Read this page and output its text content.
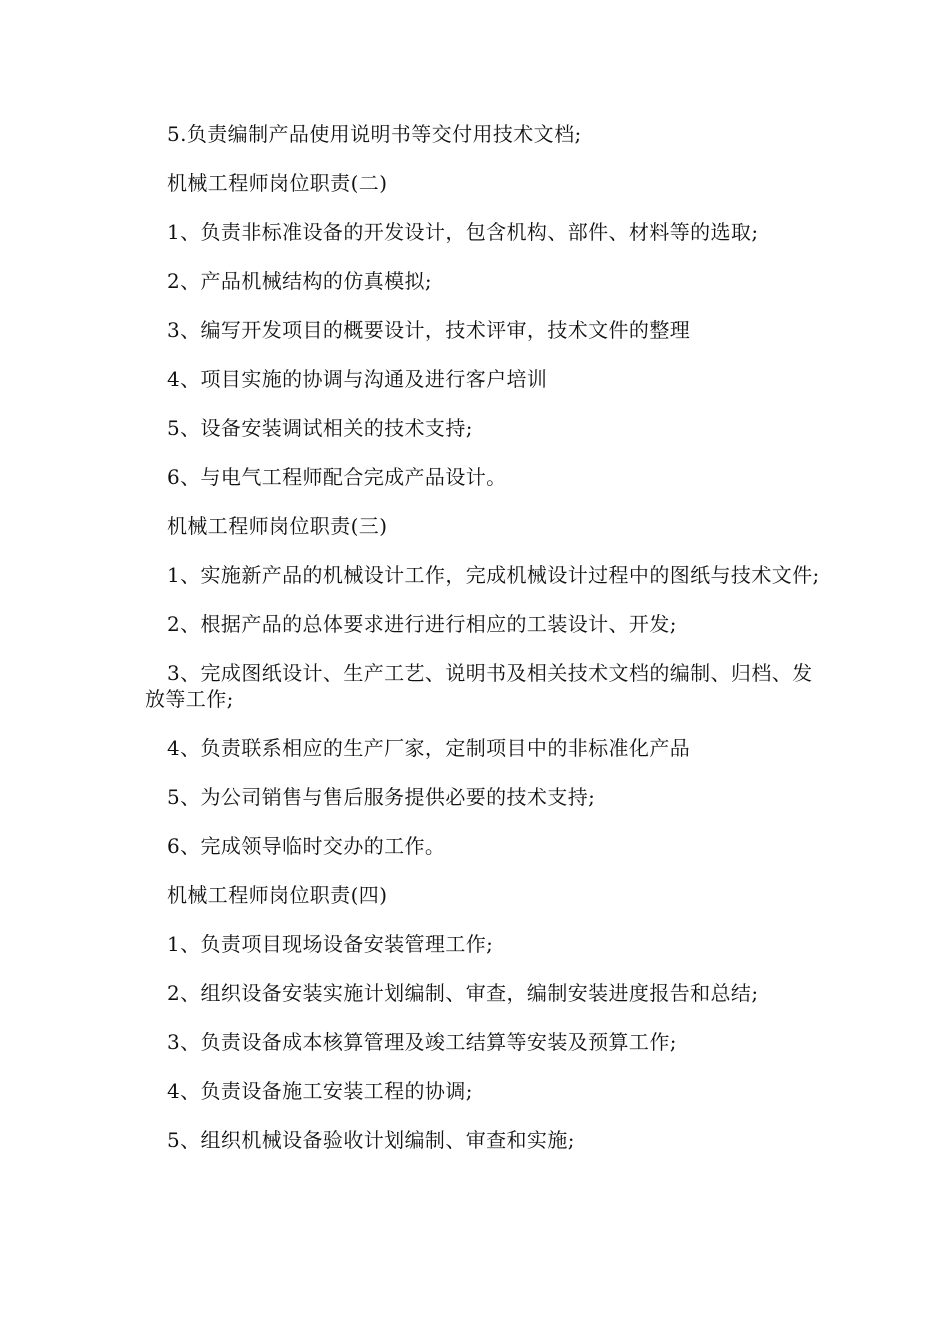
5.负责编制产品使用说明书等交付用技术文档;

机械工程师岗位职责(二)

1、负责非标准设备的开发设计，包含机构、部件、材料等的选取;

2、产品机械结构的仿真模拟;

3、编写开发项目的概要设计，技术评审，技术文件的整理

4、项目实施的协调与沟通及进行客户培训

5、设备安装调试相关的技术支持;

6、与电气工程师配合完成产品设计。

机械工程师岗位职责(三)

1、实施新产品的机械设计工作，完成机械设计过程中的图纸与技术文件;

2、根据产品的总体要求进行进行相应的工装设计、开发;

3、完成图纸设计、生产工艺、说明书及相关技术文档的编制、归档、发放等工作;

4、负责联系相应的生产厂家，定制项目中的非标准化产品

5、为公司销售与售后服务提供必要的技术支持;

6、完成领导临时交办的工作。

机械工程师岗位职责(四)

1、负责项目现场设备安装管理工作;

2、组织设备安装实施计划编制、审查，编制安装进度报告和总结;

3、负责设备成本核算管理及竣工结算等安装及预算工作;

4、负责设备施工安装工程的协调;

5、组织机械设备验收计划编制、审查和实施;
